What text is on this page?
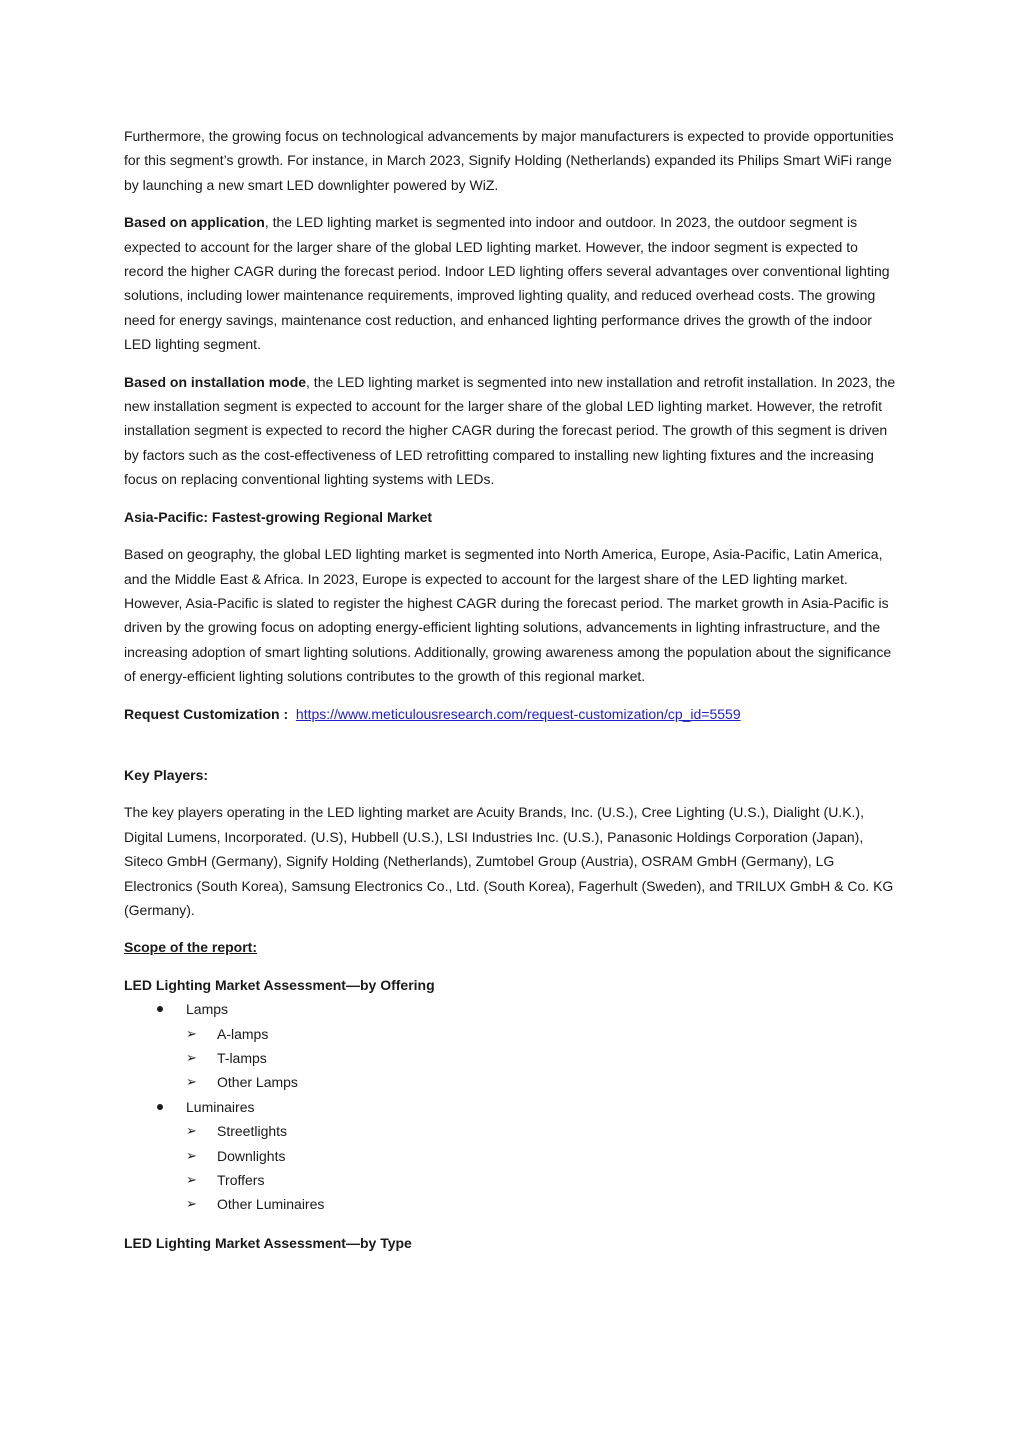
Furthermore, the growing focus on technological advancements by major manufacturers is expected to provide opportunities for this segment’s growth. For instance, in March 2023, Signify Holding (Netherlands) expanded its Philips Smart WiFi range by launching a new smart LED downlighter powered by WiZ.

Based on application, the LED lighting market is segmented into indoor and outdoor. In 2023, the outdoor segment is expected to account for the larger share of the global LED lighting market. However, the indoor segment is expected to record the higher CAGR during the forecast period. Indoor LED lighting offers several advantages over conventional lighting solutions, including lower maintenance requirements, improved lighting quality, and reduced overhead costs. The growing need for energy savings, maintenance cost reduction, and enhanced lighting performance drives the growth of the indoor LED lighting segment.

Based on installation mode, the LED lighting market is segmented into new installation and retrofit installation. In 2023, the new installation segment is expected to account for the larger share of the global LED lighting market. However, the retrofit installation segment is expected to record the higher CAGR during the forecast period. The growth of this segment is driven by factors such as the cost-effectiveness of LED retrofitting compared to installing new lighting fixtures and the increasing focus on replacing conventional lighting systems with LEDs.

Asia-Pacific: Fastest-growing Regional Market

Based on geography, the global LED lighting market is segmented into North America, Europe, Asia-Pacific, Latin America, and the Middle East & Africa. In 2023, Europe is expected to account for the largest share of the LED lighting market. However, Asia-Pacific is slated to register the highest CAGR during the forecast period. The market growth in Asia-Pacific is driven by the growing focus on adopting energy-efficient lighting solutions, advancements in lighting infrastructure, and the increasing adoption of smart lighting solutions. Additionally, growing awareness among the population about the significance of energy-efficient lighting solutions contributes to the growth of this regional market.

Request Customization : https://www.meticulousresearch.com/request-customization/cp_id=5559

Key Players:

The key players operating in the LED lighting market are Acuity Brands, Inc. (U.S.), Cree Lighting (U.S.), Dialight (U.K.), Digital Lumens, Incorporated. (U.S), Hubbell (U.S.), LSI Industries Inc. (U.S.), Panasonic Holdings Corporation (Japan), Siteco GmbH (Germany), Signify Holding (Netherlands), Zumtobel Group (Austria), OSRAM GmbH (Germany), LG Electronics (South Korea), Samsung Electronics Co., Ltd. (South Korea), Fagerhult (Sweden), and TRILUX GmbH & Co. KG (Germany).

Scope of the report:
LED Lighting Market Assessment—by Offering
Lamps
➢ A-lamps
➢ T-lamps
➢ Other Lamps
Luminaires
➢ Streetlights
➢ Downlights
➢ Troffers
➢ Other Luminaires
LED Lighting Market Assessment—by Type
